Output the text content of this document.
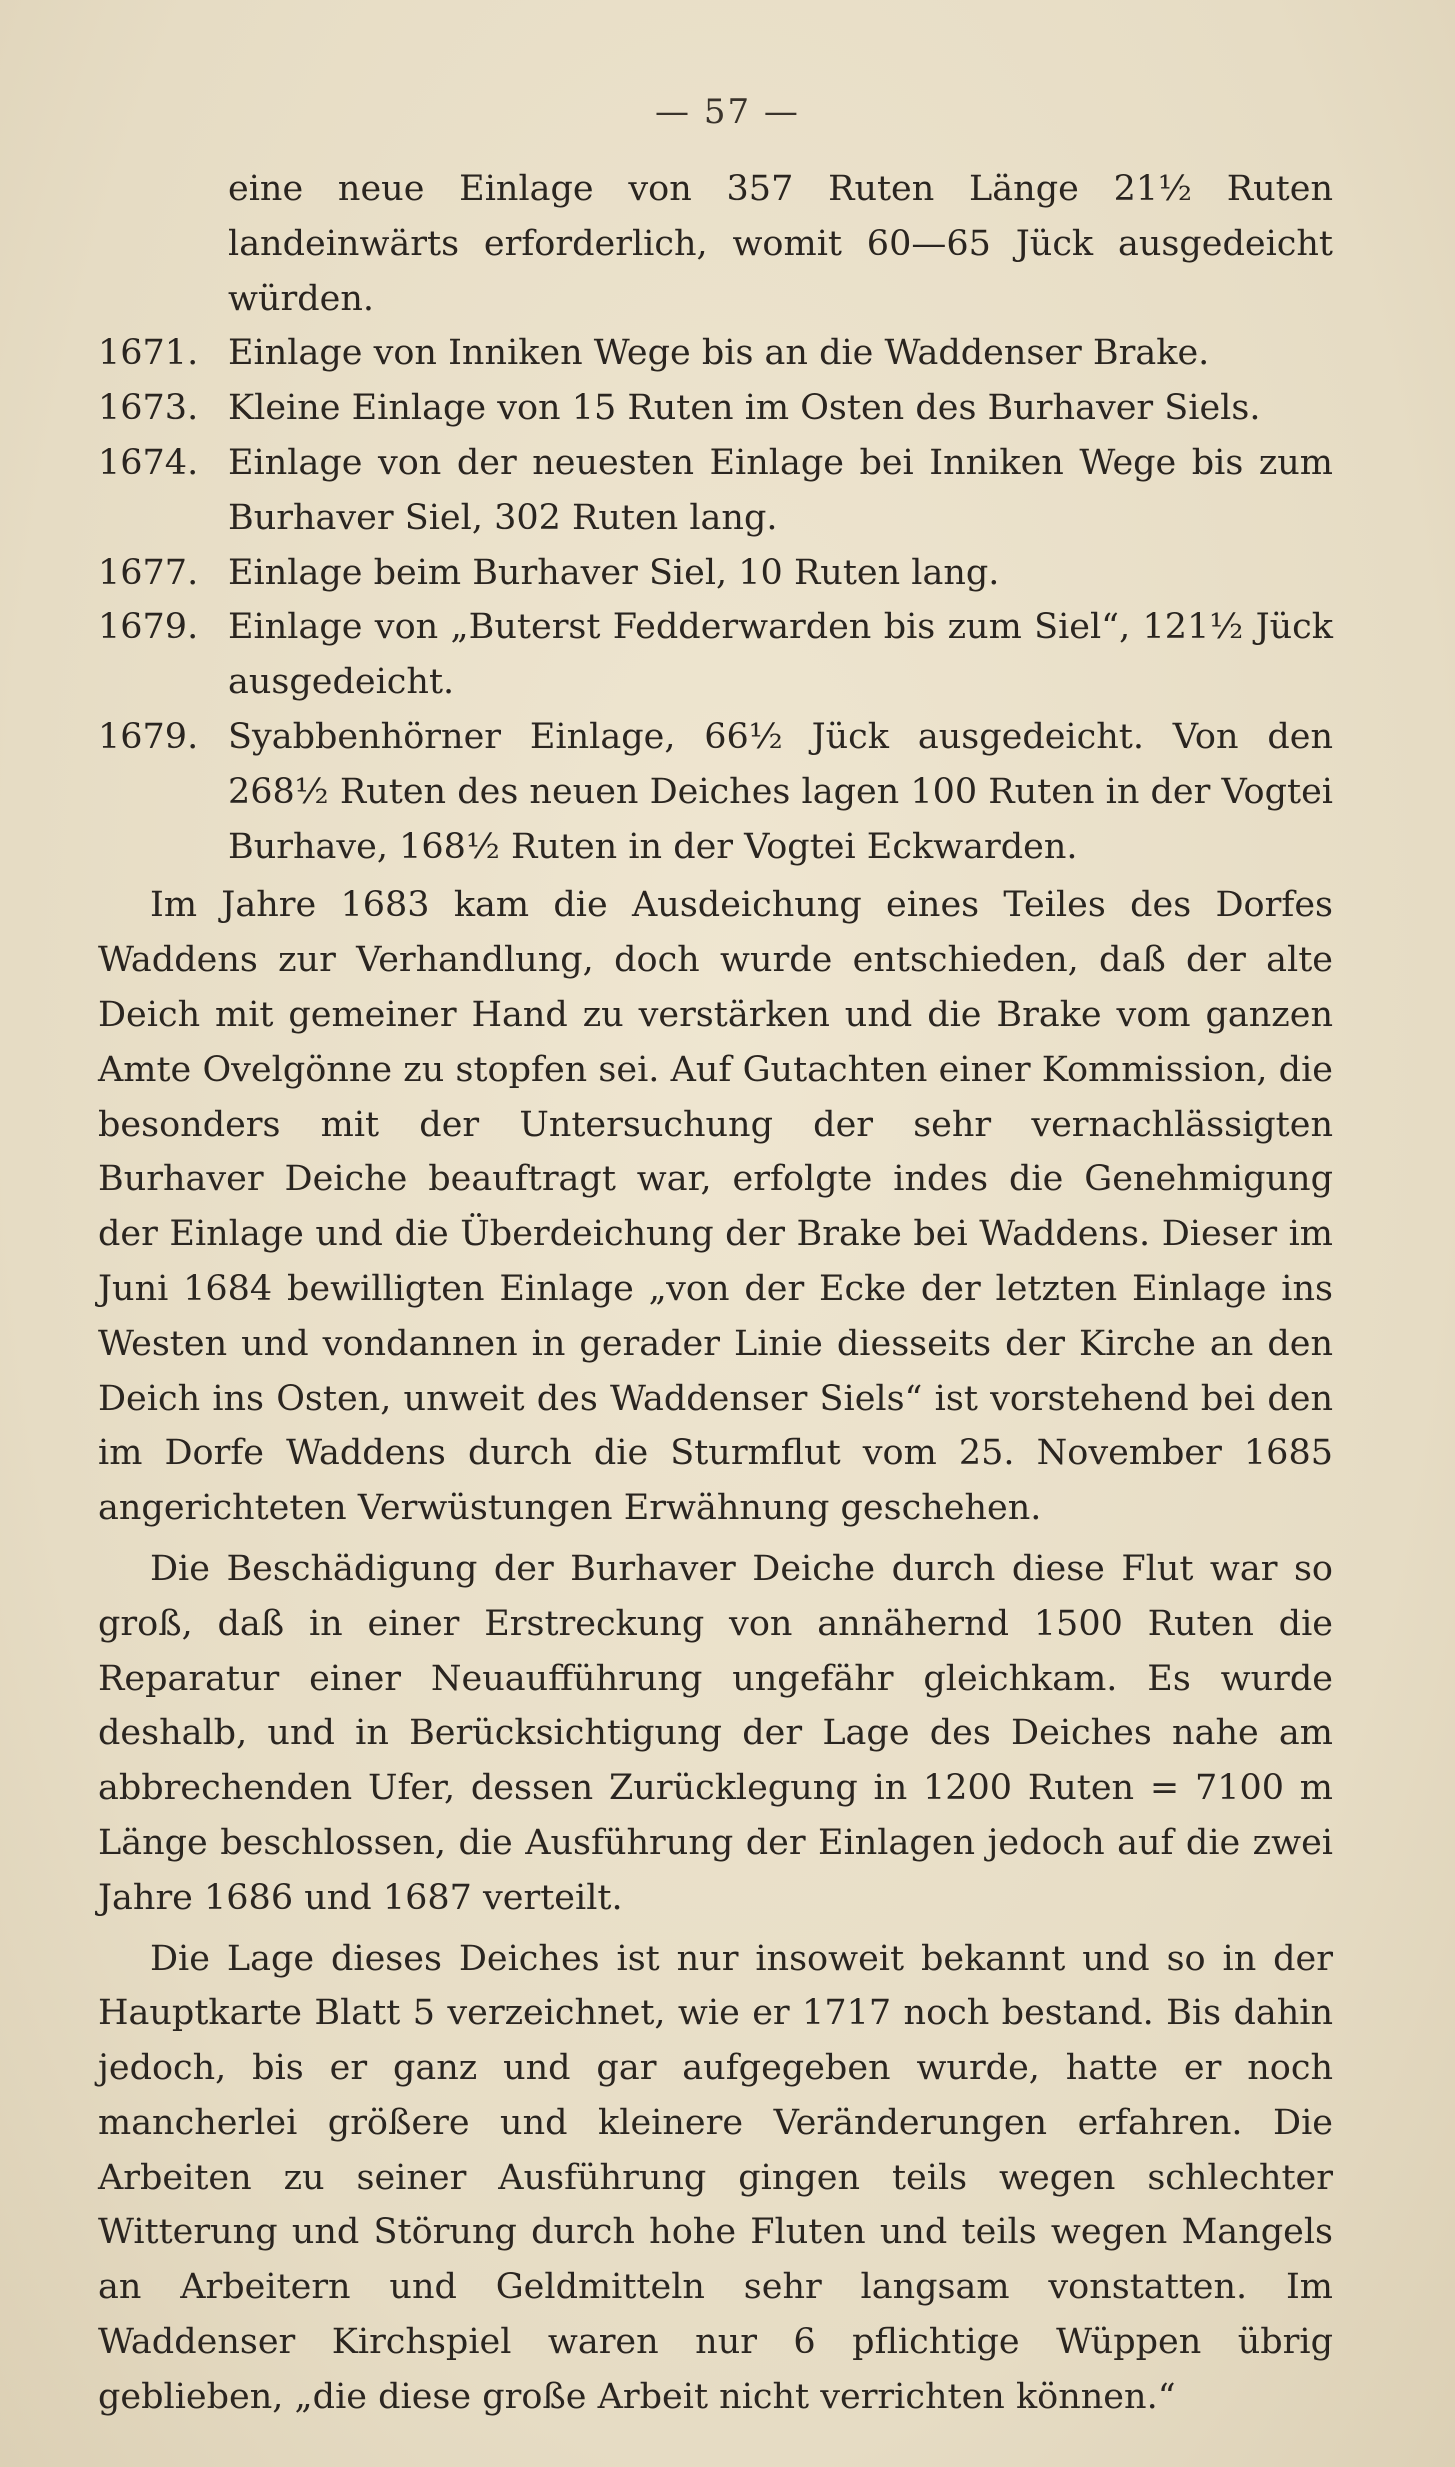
— 57 —
eine neue Einlage von 357 Ruten Länge 21½ Ruten landeinwärts erforderlich, womit 60—65 Jück ausgedeicht würden.
1671. Einlage von Inniken Wege bis an die Waddenser Brake.
1673. Kleine Einlage von 15 Ruten im Osten des Burhaver Siels.
1674. Einlage von der neuesten Einlage bei Inniken Wege bis zum Burhaver Siel, 302 Ruten lang.
1677. Einlage beim Burhaver Siel, 10 Ruten lang.
1679. Einlage von „Buterst Fedderwarden bis zum Siel“, 121½ Jück ausgedeicht.
1679. Syabbenhörner Einlage, 66½ Jück ausgedeicht. Von den 268½ Ruten des neuen Deiches lagen 100 Ruten in der Vogtei Burhave, 168½ Ruten in der Vogtei Eckwarden.

Im Jahre 1683 kam die Ausdeichung eines Teiles des Dorfes Waddens zur Verhandlung, doch wurde entschieden, daß der alte Deich mit gemeiner Hand zu verstärken und die Brake vom ganzen Amte Ovelgönne zu stopfen sei. Auf Gutachten einer Kommission, die besonders mit der Untersuchung der sehr vernachlässigten Burhaver Deiche beauftragt war, erfolgte indes die Genehmigung der Einlage und die Überdeichung der Brake bei Waddens. Dieser im Juni 1684 bewilligten Einlage „von der Ecke der letzten Einlage ins Westen und vondannen in gerader Linie diesseits der Kirche an den Deich ins Osten, unweit des Waddenser Siels“ ist vorstehend bei den im Dorfe Waddens durch die Sturmflut vom 25. November 1685 angerichteten Verwüstungen Erwähnung geschehen.

Die Beschädigung der Burhaver Deiche durch diese Flut war so groß, daß in einer Erstreckung von annähernd 1500 Ruten die Reparatur einer Neuaufführung ungefähr gleichkam. Es wurde deshalb, und in Berücksichtigung der Lage des Deiches nahe am abbrechenden Ufer, dessen Zurücklegung in 1200 Ruten = 7100 m Länge beschlossen, die Ausführung der Einlagen jedoch auf die zwei Jahre 1686 und 1687 verteilt.

Die Lage dieses Deiches ist nur insoweit bekannt und so in der Hauptkarte Blatt 5 verzeichnet, wie er 1717 noch bestand. Bis dahin jedoch, bis er ganz und gar aufgegeben wurde, hatte er noch mancherlei größere und kleinere Veränderungen erfahren. Die Arbeiten zu seiner Ausführung gingen teils wegen schlechter Witterung und Störung durch hohe Fluten und teils wegen Mangels an Arbeitern und Geldmitteln sehr langsam vonstatten. Im Waddenser Kirchspiel waren nur 6 pflichtige Wüppen übrig geblieben, „die diese große Arbeit nicht verrichten können.“
